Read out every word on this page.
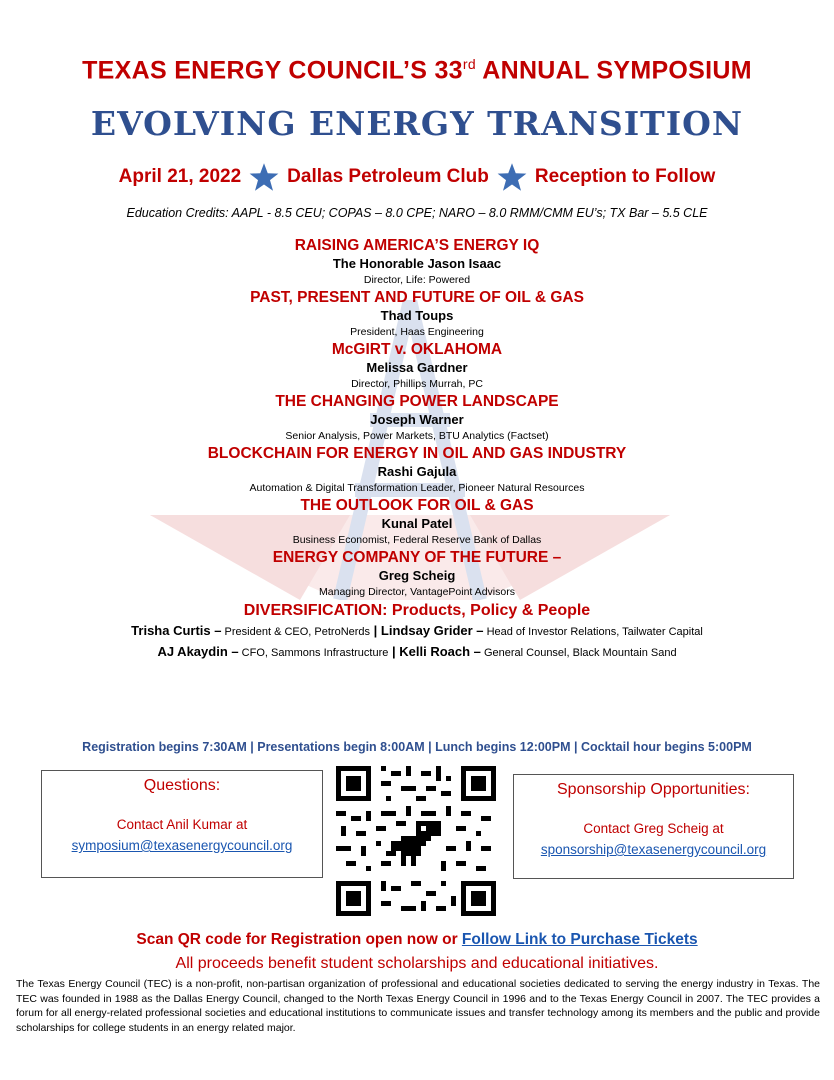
TEXAS ENERGY COUNCIL’S 33rd ANNUAL SYMPOSIUM
EVOLVING ENERGY TRANSITION
April 21, 2022 Dallas Petroleum Club Reception to Follow
Education Credits: AAPL - 8.5 CEU; COPAS – 8.0 CPE; NARO – 8.0 RMM/CMM EU’s; TX Bar – 5.5 CLE
RAISING AMERICA’S ENERGY IQ
The Honorable Jason Isaac
Director, Life: Powered
PAST, PRESENT AND FUTURE OF OIL & GAS
Thad Toups
President, Haas Engineering
McGIRT v. OKLAHOMA
Melissa Gardner
Director, Phillips Murrah, PC
THE CHANGING POWER LANDSCAPE
Joseph Warner
Senior Analysis, Power Markets, BTU Analytics (Factset)
BLOCKCHAIN FOR ENERGY IN OIL AND GAS INDUSTRY
Rashi Gajula
Automation & Digital Transformation Leader, Pioneer Natural Resources
THE OUTLOOK FOR OIL & GAS
Kunal Patel
Business Economist, Federal Reserve Bank of Dallas
ENERGY COMPANY OF THE FUTURE –
Greg Scheig
Managing Director, VantagePoint Advisors
DIVERSIFICATION: Products, Policy & People
Trisha Curtis – President & CEO, PetroNerds | Lindsay Grider – Head of Investor Relations, Tailwater Capital
AJ Akaydin – CFO, Sammons Infrastructure | Kelli Roach – General Counsel, Black Mountain Sand
Registration begins 7:30AM | Presentations begin 8:00AM | Lunch begins 12:00PM | Cocktail hour begins 5:00PM
Questions:
Contact Anil Kumar at
symposium@texasenergycouncil.org
Sponsorship Opportunities:
Contact Greg Scheig at
sponsorship@texasenergycouncil.org
Scan QR code for Registration open now or Follow Link to Purchase Tickets
All proceeds benefit student scholarships and educational initiatives.
The Texas Energy Council (TEC) is a non-profit, non-partisan organization of professional and educational societies dedicated to serving the energy industry in Texas. The TEC was founded in 1988 as the Dallas Energy Council, changed to the North Texas Energy Council in 1996 and to the Texas Energy Council in 2007. The TEC provides a forum for all energy-related professional societies and educational institutions to communicate issues and transfer technology among its members and the public and provide scholarships for college students in an energy related major.
